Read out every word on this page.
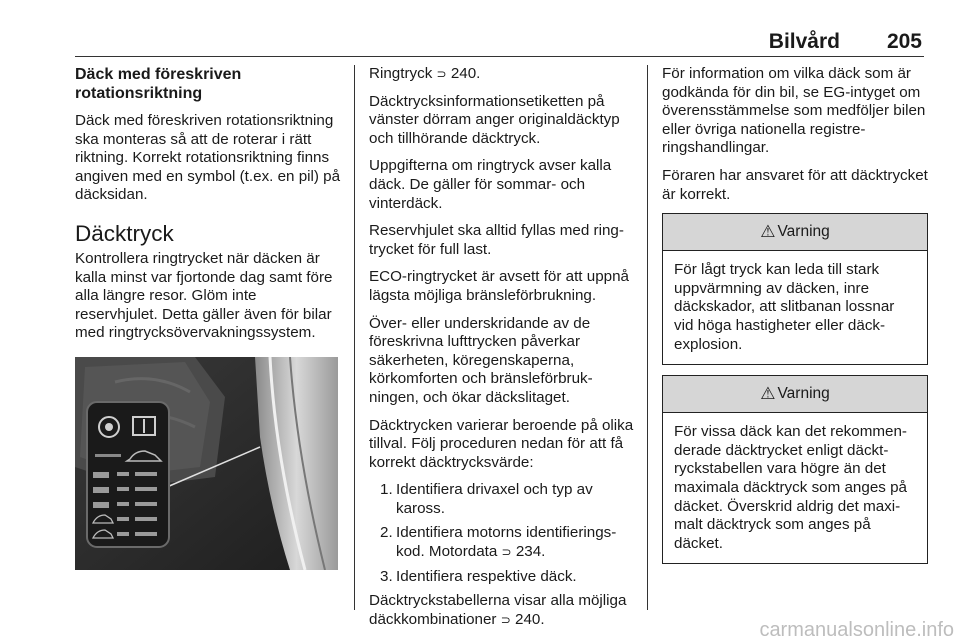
Bilvård 205
Däck med föreskriven rotationsriktning

Däck med föreskriven rotationsriktning ska monteras så att de roterar i rätt riktning. Korrekt rotationsriktning finns angiven med en symbol (t.ex. en pil) på däcksidan.

Däcktryck

Kontrollera ringtrycket när däcken är kalla minst var fjortonde dag samt före alla längre resor. Glöm inte reservhjulet. Detta gäller även för bilar med ringtrycksövervakningssystem.

Ringtryck ⊃ 240.

Däcktrycksinformationsetiketten på vänster dörram anger originaldäcktyp och tillhörande däcktryck.

Uppgifterna om ringtryck avser kalla däck. De gäller för sommar- och vinterdäck.

Reservhjulet ska alltid fyllas med ringtrycket för full last.

ECO-ringtrycket är avsett för att uppnå lägsta möjliga bränsleförbrukning.

Över- eller underskridande av de föreskrivna lufttrycken påverkar säkerheten, köregenskaperna, körkomforten och bränsleförbrukningen, och ökar däckslitaget.

Däcktrycken varierar beroende på olika tillval. Följ proceduren nedan för att få korrekt däcktrycksvärde:

1. Identifiera drivaxel och typ av kaross.
2. Identifiera motorns identifieringskod. Motordata ⊃ 234.
3. Identifiera respektive däck.

Däcktryckstabellerna visar alla möjliga däckkombinationer ⊃ 240.

För information om vilka däck som är godkända för din bil, se EG-intyget om överensstämmelse som medföljer bilen eller övriga nationella registreringshandlingar.

Föraren har ansvaret för att däcktrycket är korrekt.

⚠ Varning
För lågt tryck kan leda till stark uppvärmning av däcken, inre däckskador, att slitbanan lossnar vid höga hastigheter eller däckexplosion.
⚠ Varning
För vissa däck kan det rekommenderade däcktrycket enligt däcktryckstabellen vara högre än det maximala däcktryck som anges på däcket. Överskrid aldrig det maximalt däcktryck som anges på däcket.
carmanualsonline.info
